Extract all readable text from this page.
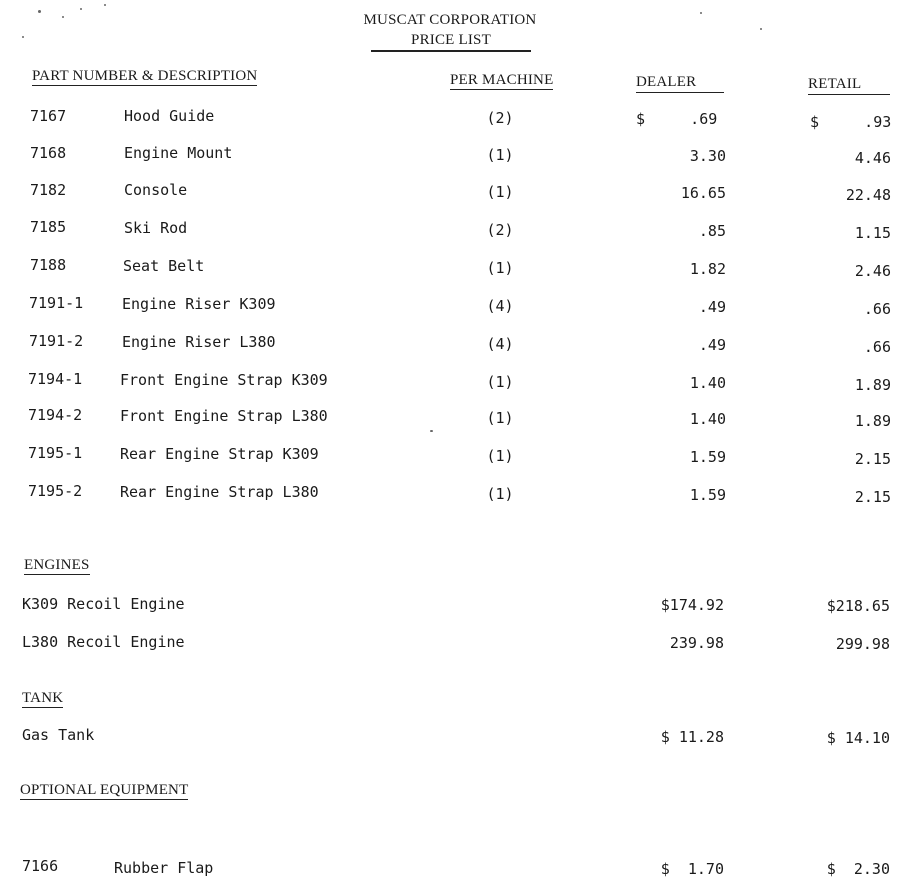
MUSCAT CORPORATION
PRICE LIST
PART NUMBER & DESCRIPTION	PER MACHINE	DEALER	RETAIL
7167	Hood Guide	(2)	$     .69	$     .93
7168	Engine Mount	(1)	3.30	4.46
7182	Console	(1)	16.65	22.48
7185	Ski Rod	(2)	.85	1.15
7188	Seat Belt	(1)	1.82	2.46
7191-1	Engine Riser K309	(4)	.49	.66
7191-2	Engine Riser L380	(4)	.49	.66
7194-1	Front Engine Strap K309	(1)	1.40	1.89
7194-2	Front Engine Strap L380	(1)	1.40	1.89
7195-1	Rear Engine Strap K309	(1)	1.59	2.15
7195-2	Rear Engine Strap L380	(1)	1.59	2.15
ENGINES
K309 Recoil Engine	$174.92	$218.65
L380 Recoil Engine	239.98	299.98
TANK
Gas Tank	$ 11.28	$ 14.10
OPTIONAL EQUIPMENT
7166	Rubber Flap	$  1.70	$  2.30
